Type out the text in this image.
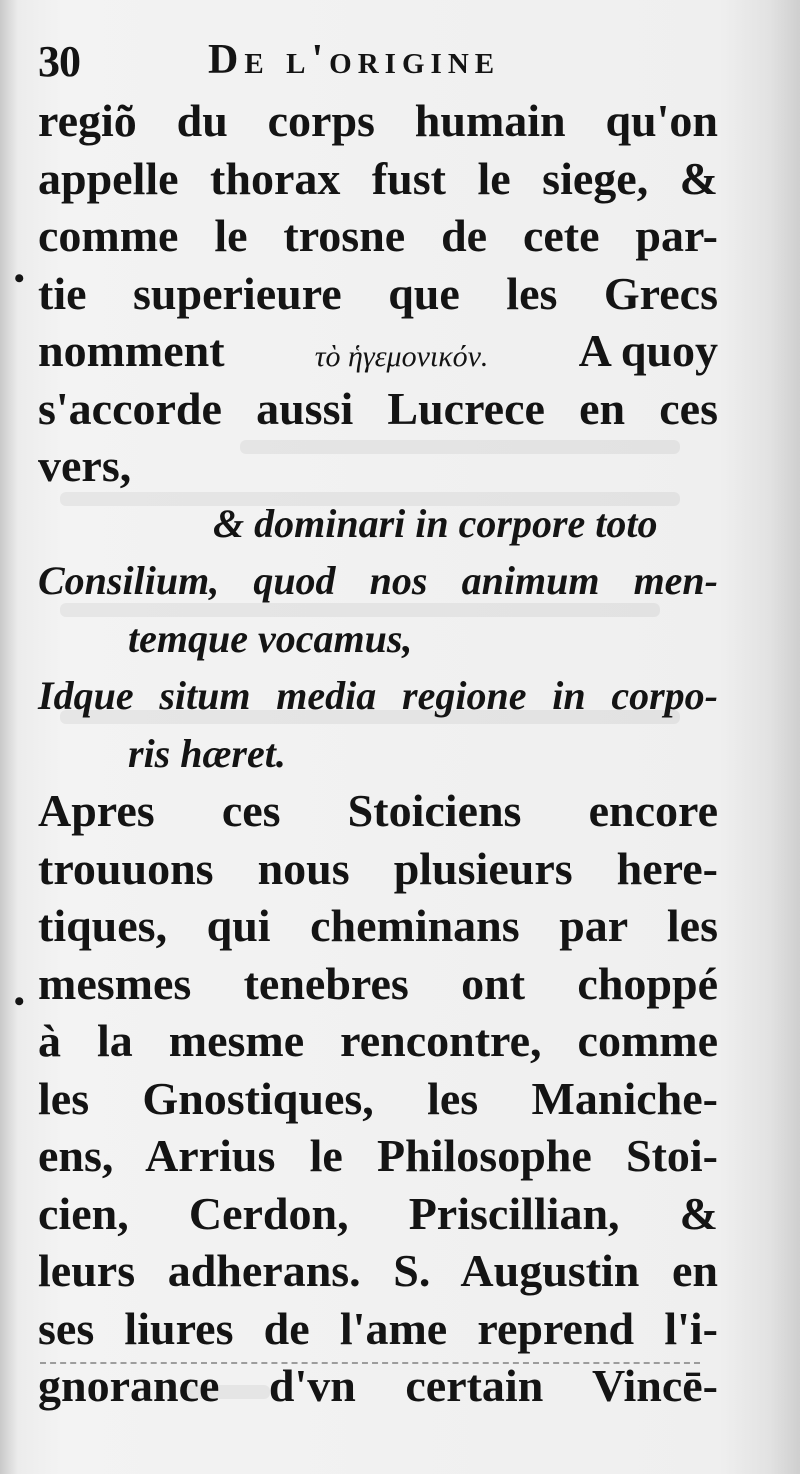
30	De l'origine
•
•
regiõ du corps humain qu'on
appelle thorax fust le siege, &
comme le trosne de cete par-
tie superieure que les Grecs
nomment	τὸ ἡγεμονικόν. A quoy
s'accorde aussi Lucrece en ces
vers,
& dominari in corpore toto
Consilium, quod nos animum men-
temque vocamus,
Idque situm media regione in corpo-
ris hæret.
Apres ces Stoiciens encore
trouuons nous plusieurs here-
tiques, qui cheminans par les
mesmes tenebres ont choppé
à la mesme rencontre, comme
les Gnostiques, les Maniche-
ens, Arrius le Philosophe Stoi-
cien, Cerdon, Priscillian, &
leurs adherans. S. Augustin en
ses liures de l'ame reprend l'i-
gnorance d'vn certain Vincē-
